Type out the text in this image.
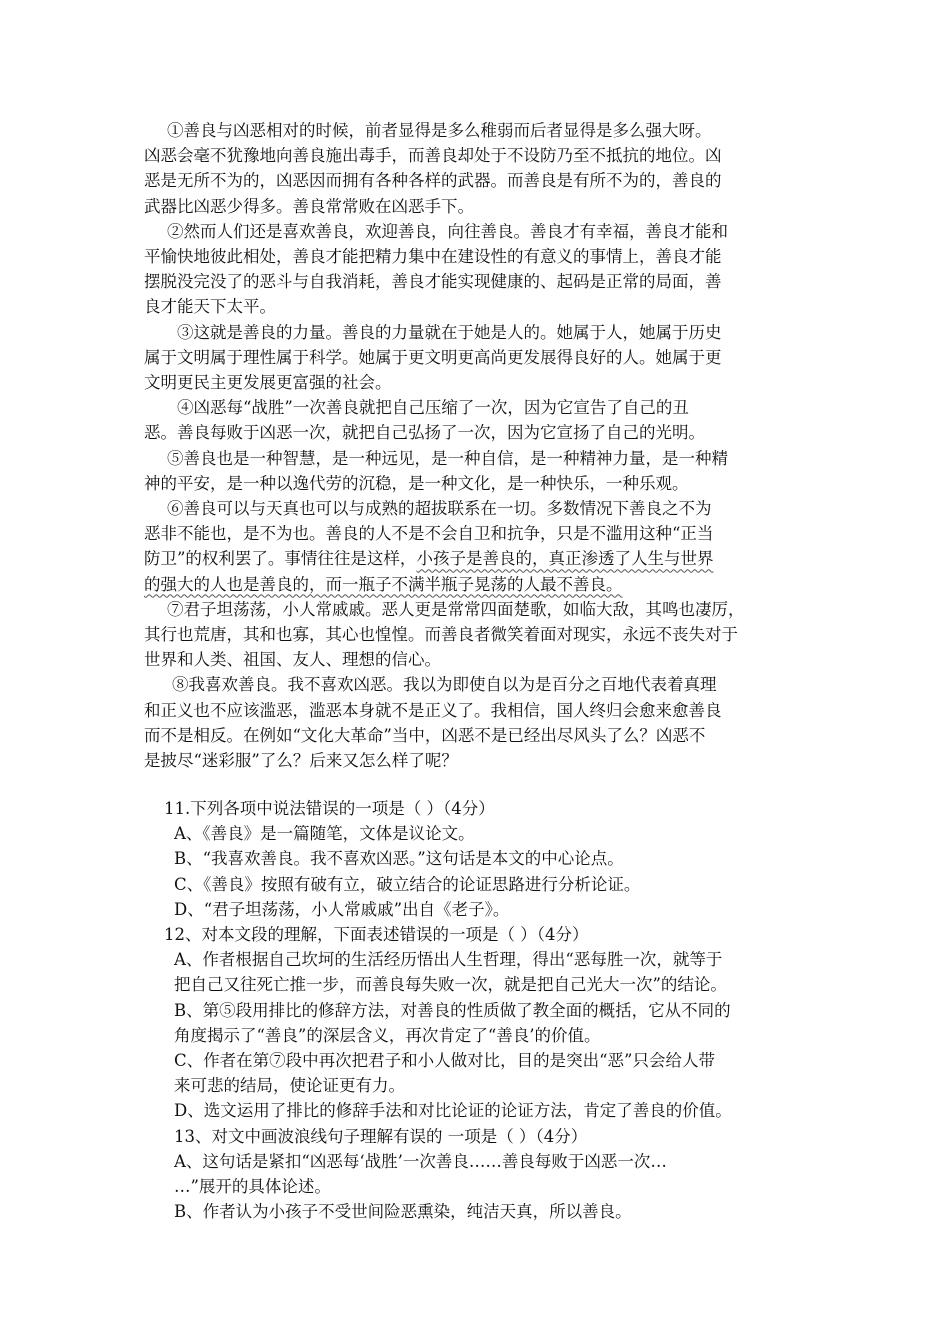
①善良与凶恶相对的时候，前者显得是多么稚弱而后者显得是多么强大呀。
凶恶会毫不犹豫地向善良施出毒手，而善良却处于不设防乃至不抵抗的地位。凶
恶是无所不为的，凶恶因而拥有各种各样的武器。而善良是有所不为的，善良的
武器比凶恶少得多。善良常常败在凶恶手下。
②然而人们还是喜欢善良，欢迎善良，向往善良。善良才有幸福，善良才能和
平愉快地彼此相处，善良才能把精力集中在建设性的有意义的事情上，善良才能
摆脱没完没了的恶斗与自我消耗，善良才能实现健康的、起码是正常的局面，善
良才能天下太平。
③这就是善良的力量。善良的力量就在于她是人的。她属于人，她属于历史
属于文明属于理性属于科学。她属于更文明更高尚更发展得良好的人。她属于更
文明更民主更发展更富强的社会。
④凶恶每“战胜”一次善良就把自己压缩了一次，因为它宣告了自己的丑
恶。善良每败于凶恶一次，就把自己弘扬了一次，因为它宣扬了自己的光明。
⑤善良也是一种智慧，是一种远见，是一种自信，是一种精神力量，是一种精
神的平安，是一种以逸代劳的沉稳，是一种文化，是一种快乐，一种乐观。
⑥善良可以与天真也可以与成熟的超拔联系在一切。多数情况下善良之不为
恶非不能也，是不为也。善良的人不是不会自卫和抗争，只是不滥用这种“正当
防卫”的权利罢了。事情往往是这样，小孩子是善良的，真正渗透了人生与世界
的强大的人也是善良的，而一瓶子不满半瓶子晃荡的人最不善良。
⑦君子坦荡荡，小人常戚戚。恶人更是常常四面楚歌，如临大敌，其鸣也凄厉，
其行也荒唐，其和也寡，其心也惶惶。而善良者微笑着面对现实，永远不丧失对于
世界和人类、祖国、友人、理想的信心。
⑧我喜欢善良。我不喜欢凶恶。我以为即使自以为是百分之百地代表着真理
和正义也不应该滥恶，滥恶本身就不是正义了。我相信，国人终归会愈来愈善良
而不是相反。在例如“文化大革命”当中，凶恶不是已经出尽风头了么？凶恶不
是披尽“迷彩服”了么？后来又怎么样了呢？
11.下列各项中说法错误的一项是（ ）（4分）
A、《善良》是一篇随笔，文体是议论文。
B、“我喜欢善良。我不喜欢凶恶。”这句话是本文的中心论点。
C、《善良》按照有破有立，破立结合的论证思路进行分析论证。
D、“君子坦荡荡，小人常戚戚”出自《老子》。
12、对本文段的理解，下面表述错误的一项是（ ）（4分）
A、作者根据自己坎坷的生活经历悟出人生哲理，得出“恶每胜一次，就等于
把自己又往死亡推一步，而善良每失败一次，就是把自己光大一次”的结论。
B、第⑤段用排比的修辞方法，对善良的性质做了教全面的概括，它从不同的
角度揭示了“善良”的深层含义，再次肯定了“善良’的价值。
C、作者在第⑦段中再次把君子和小人做对比，目的是突出“恶”只会给人带
来可悲的结局，使论证更有力。
D、选文运用了排比的修辞手法和对比论证的论证方法，肯定了善良的价值。
13、对文中画波浪线句子理解有误的 一项是（ ）（4分）
A、这句话是紧扣“凶恶每‘战胜’一次善良……善良每败于凶恶一次…
…”展开的具体论述。
B、作者认为小孩子不受世间险恶熏染，纯洁天真，所以善良。
